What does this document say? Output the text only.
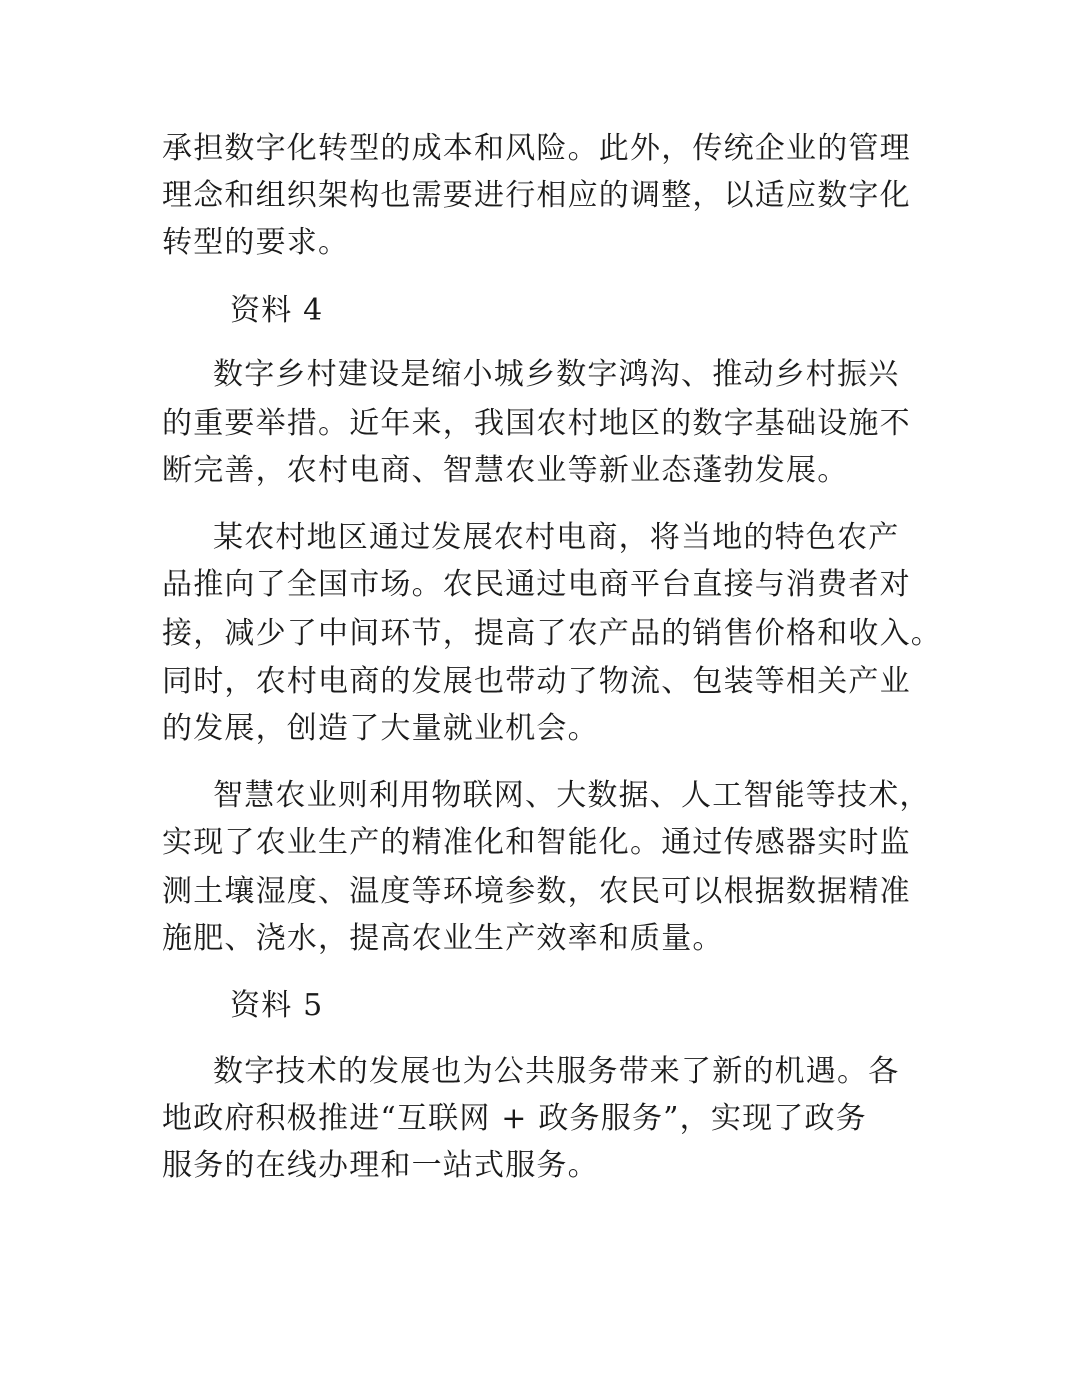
承担数字化转型的成本和风险。此外，传统企业的管理

理念和组织架构也需要进行相应的调整，以适应数字化

转型的要求。

资料 4

数字乡村建设是缩小城乡数字鸿沟、推动乡村振兴

的重要举措。近年来，我国农村地区的数字基础设施不

断完善，农村电商、智慧农业等新业态蓬勃发展。

某农村地区通过发展农村电商，将当地的特色农产

品推向了全国市场。农民通过电商平台直接与消费者对

接，减少了中间环节，提高了农产品的销售价格和收入。

同时，农村电商的发展也带动了物流、包装等相关产业

的发展，创造了大量就业机会。

智慧农业则利用物联网、大数据、人工智能等技术，

实现了农业生产的精准化和智能化。通过传感器实时监

测土壤湿度、温度等环境参数，农民可以根据数据精准

施肥、浇水，提高农业生产效率和质量。

资料 5

数字技术的发展也为公共服务带来了新的机遇。各

地政府积极推进“互联网 + 政务服务”，实现了政务

服务的在线办理和一站式服务。
